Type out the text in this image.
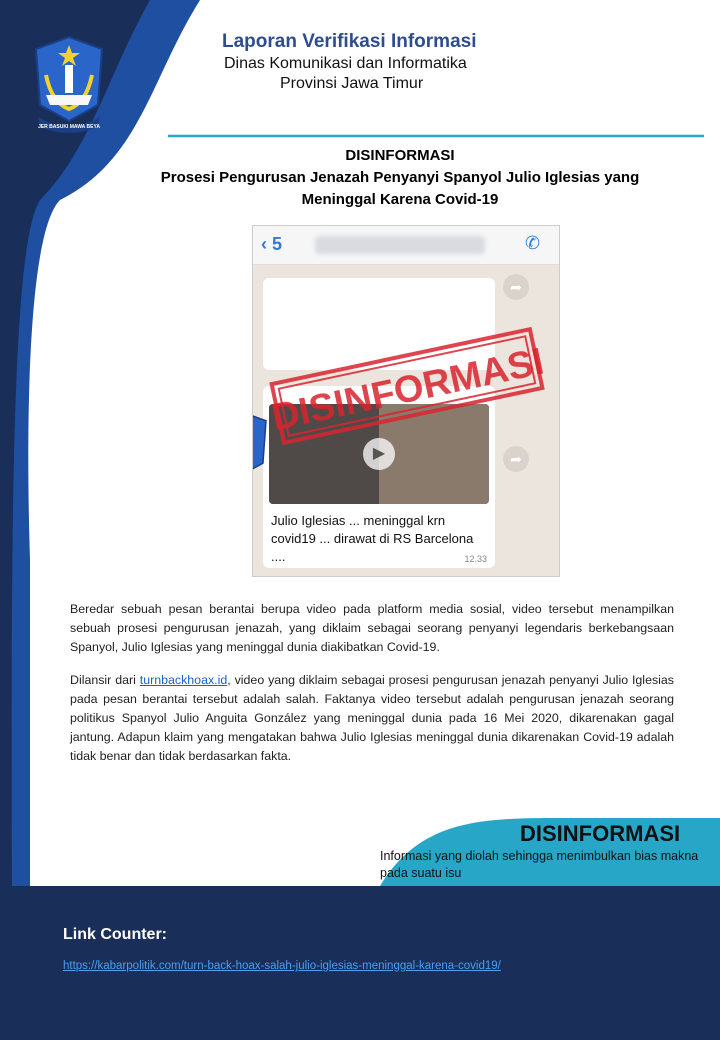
JER BASUKI MAWA BEYA
Laporan Verifikasi Informasi
Dinas Komunikasi dan Informatika
Provinsi Jawa Timur
DISINFORMASI
Prosesi Pengurusan Jenazah Penyanyi Spanyol Julio Iglesias yang
Meninggal Karena Covid-19
‹ 5	✆
➦
▶
Julio Iglesias ... meninggal krn covid19 ... dirawat di RS Barcelona ....	12.33
➦
DISINFORMASI
Beredar sebuah pesan berantai berupa video pada platform media sosial, video tersebut menampilkan sebuah prosesi pengurusan jenazah, yang diklaim sebagai seorang penyanyi legendaris berkebangsaan Spanyol, Julio Iglesias yang meninggal dunia diakibatkan Covid-19.
Dilansir dari turnbackhoax.id, video yang diklaim sebagai prosesi pengurusan jenazah penyanyi Julio Iglesias pada pesan berantai tersebut adalah salah. Faktanya video tersebut adalah pengurusan jenazah seorang politikus Spanyol Julio Anguita González yang meninggal dunia pada 16 Mei 2020, dikarenakan gagal jantung. Adapun klaim yang mengatakan bahwa Julio Iglesias meninggal dunia dikarenakan Covid-19 adalah tidak benar dan tidak berdasarkan fakta.
DISINFORMASI
Informasi yang diolah sehingga menimbulkan bias makna pada suatu isu
Link Counter:
https://kabarpolitik.com/turn-back-hoax-salah-julio-iglesias-meninggal-karena-covid19/
